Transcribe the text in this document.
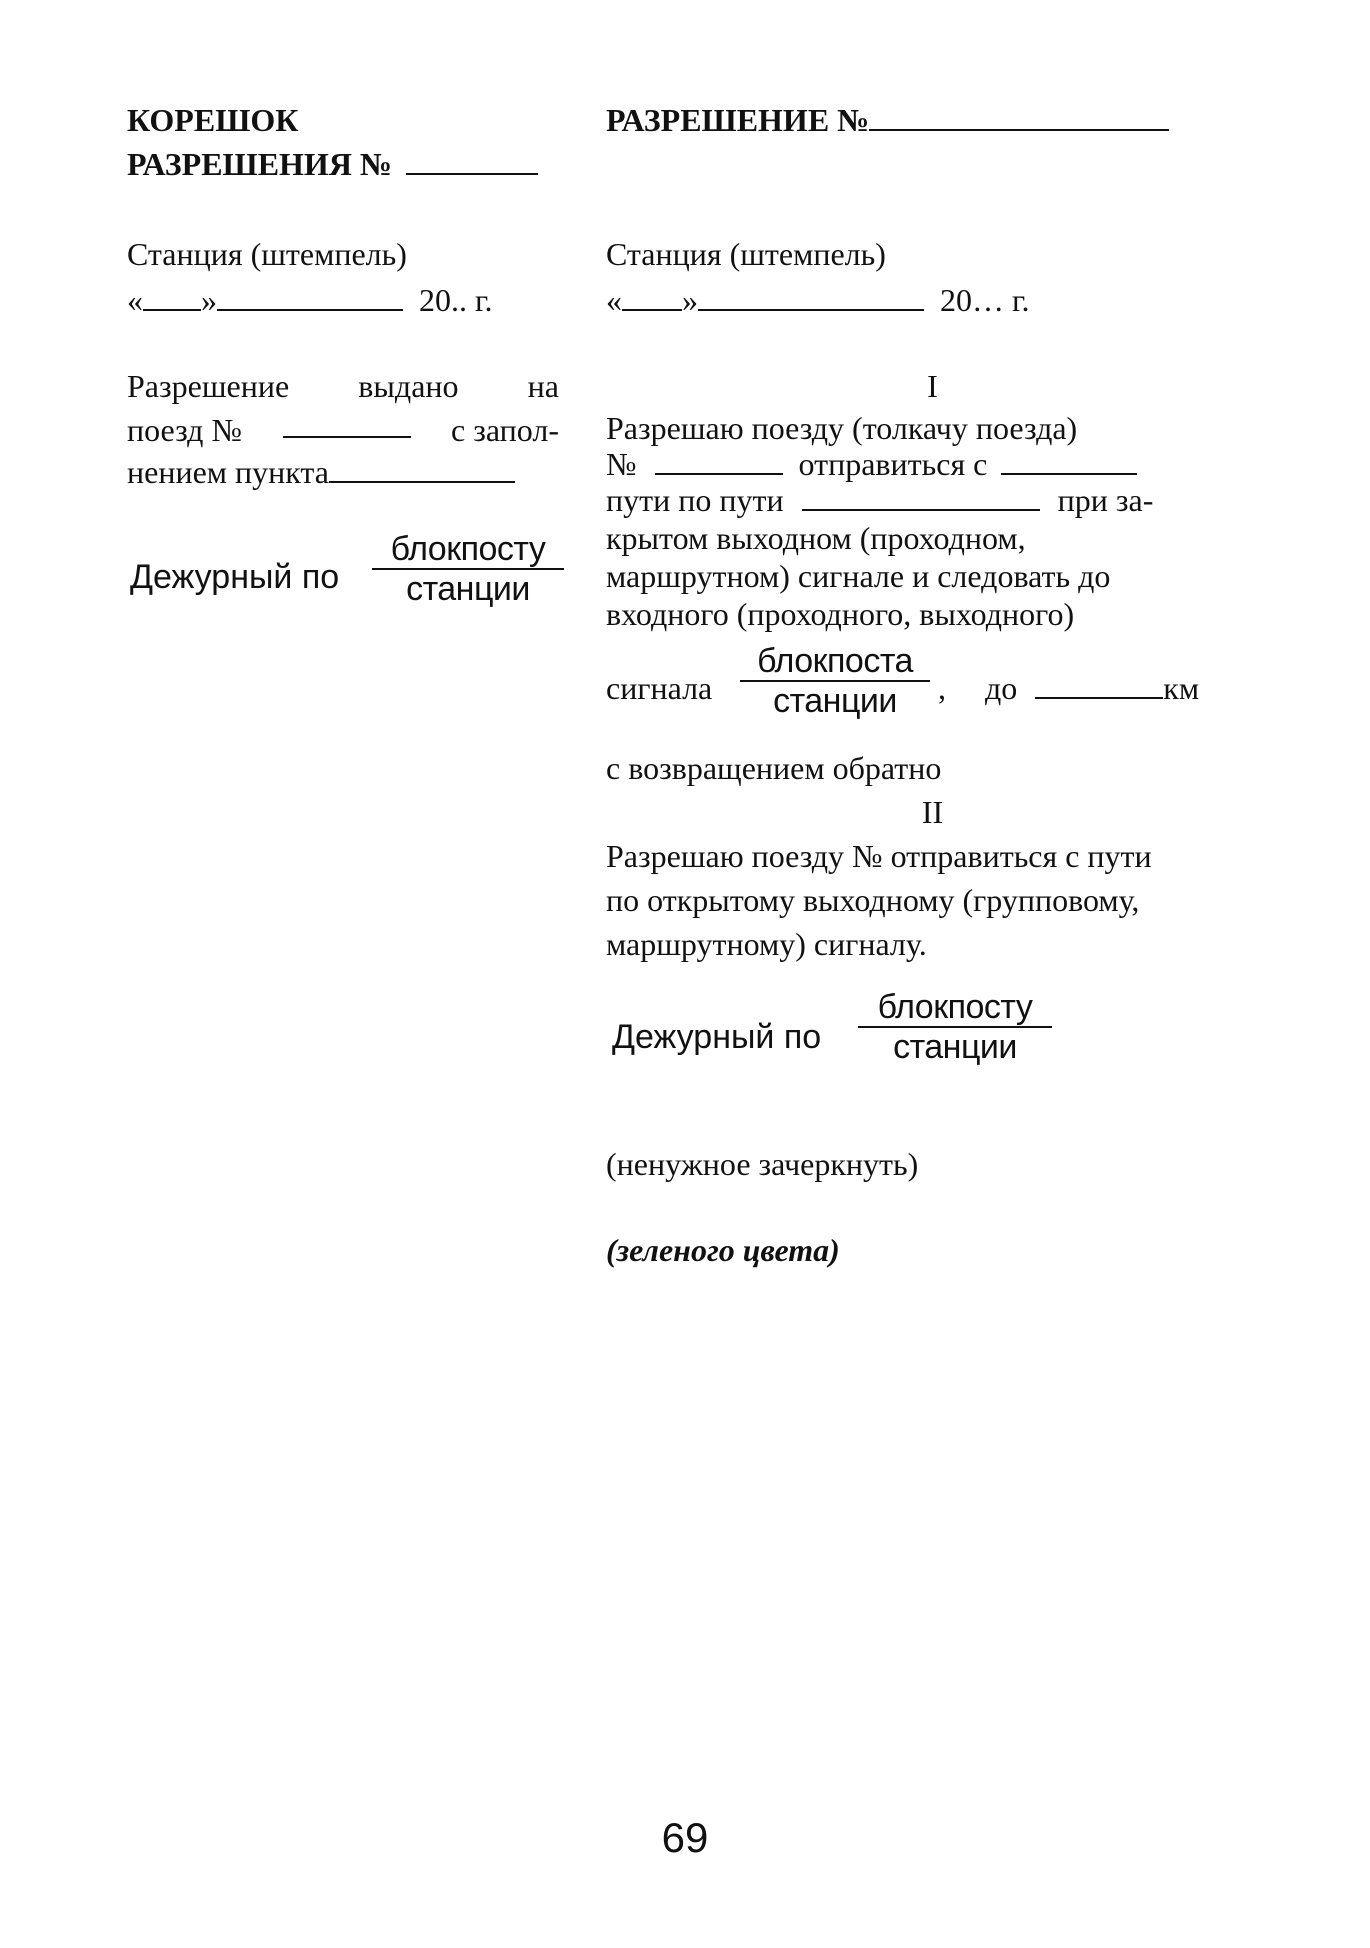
КОРЕШОК
РАЗРЕШЕНИЯ №
Станция (штемпель)
« »	20.. г.
Разрешение выдано на
поезд №	с запол-
нением пункта
Дежурный по
блокпосту
станции
РАЗРЕШЕНИЕ №
Станция (штемпель)
« »	20… г.
I
Разрешаю поезду (толкачу поезда)
№	отправиться с
пути по пути	при за-
крытом выходном (проходном,
маршрутном) сигнале и следовать до
входного (проходного, выходного)
сигнала
блокпоста
станции	, до	км
с возвращением обратно
II
Разрешаю поезду № отправиться с пути
по открытому выходному (групповому,
маршрутному) сигналу.
Дежурный по
блокпосту
станции
(ненужное зачеркнуть)
(зеленого цвета)
69
